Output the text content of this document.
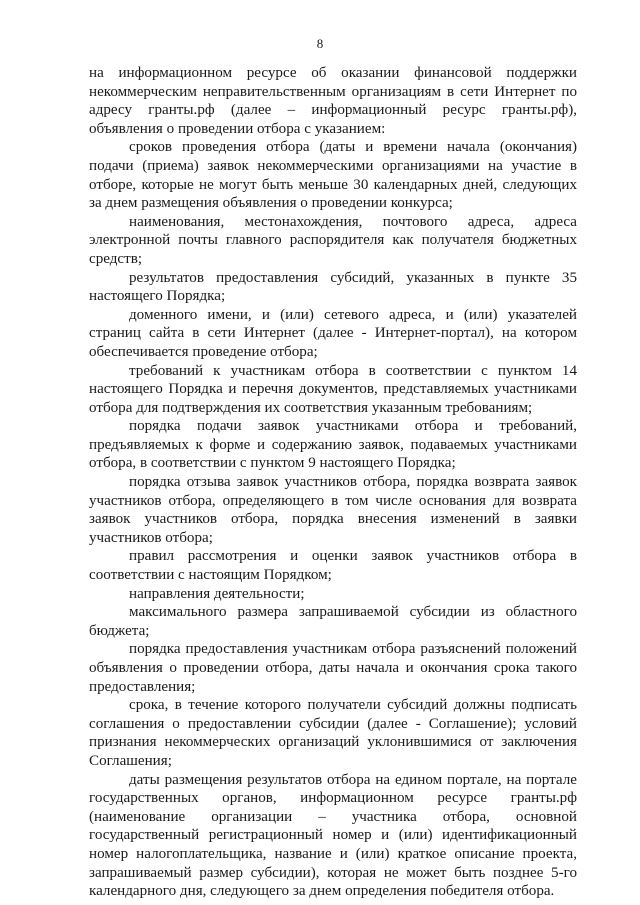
8

на информационном ресурсе об оказании финансовой поддержки некоммерческим неправительственным организациям в сети Интернет по адресу гранты.рф (далее – информационный ресурс гранты.рф), объявления о проведении отбора с указанием:

сроков проведения отбора (даты и времени начала (окончания) подачи (приема) заявок некоммерческими организациями на участие в отборе, которые не могут быть меньше 30 календарных дней, следующих за днем размещения объявления о проведении конкурса;

наименования, местонахождения, почтового адреса, адреса электронной почты главного распорядителя как получателя бюджетных средств;

результатов предоставления субсидий, указанных в пункте 35 настоящего Порядка;

доменного имени, и (или) сетевого адреса, и (или) указателей страниц сайта в сети Интернет (далее - Интернет-портал), на котором обеспечивается проведение отбора;

требований к участникам отбора в соответствии с пунктом 14 настоящего Порядка и перечня документов, представляемых участниками отбора для подтверждения их соответствия указанным требованиям;

порядка подачи заявок участниками отбора и требований, предъявляемых к форме и содержанию заявок, подаваемых участниками отбора, в соответствии с пунктом 9 настоящего Порядка;

порядка отзыва заявок участников отбора, порядка возврата заявок участников отбора, определяющего в том числе основания для возврата заявок участников отбора, порядка внесения изменений в заявки участников отбора;

правил рассмотрения и оценки заявок участников отбора в соответствии с настоящим Порядком;

направления деятельности;

максимального размера запрашиваемой субсидии из областного бюджета;

порядка предоставления участникам отбора разъяснений положений объявления о проведении отбора, даты начала и окончания срока такого предоставления;

срока, в течение которого получатели субсидий должны подписать соглашения о предоставлении субсидии (далее - Соглашение); условий признания некоммерческих организаций уклонившимися от заключения Соглашения;

даты размещения результатов отбора на едином портале, на портале государственных органов, информационном ресурсе гранты.рф (наименование организации – участника отбора, основной государственный регистрационный номер и (или) идентификационный номер налогоплательщика, название и (или) краткое описание проекта, запрашиваемый размер субсидии), которая не может быть позднее 5-го календарного дня, следующего за днем определения победителя отбора.
